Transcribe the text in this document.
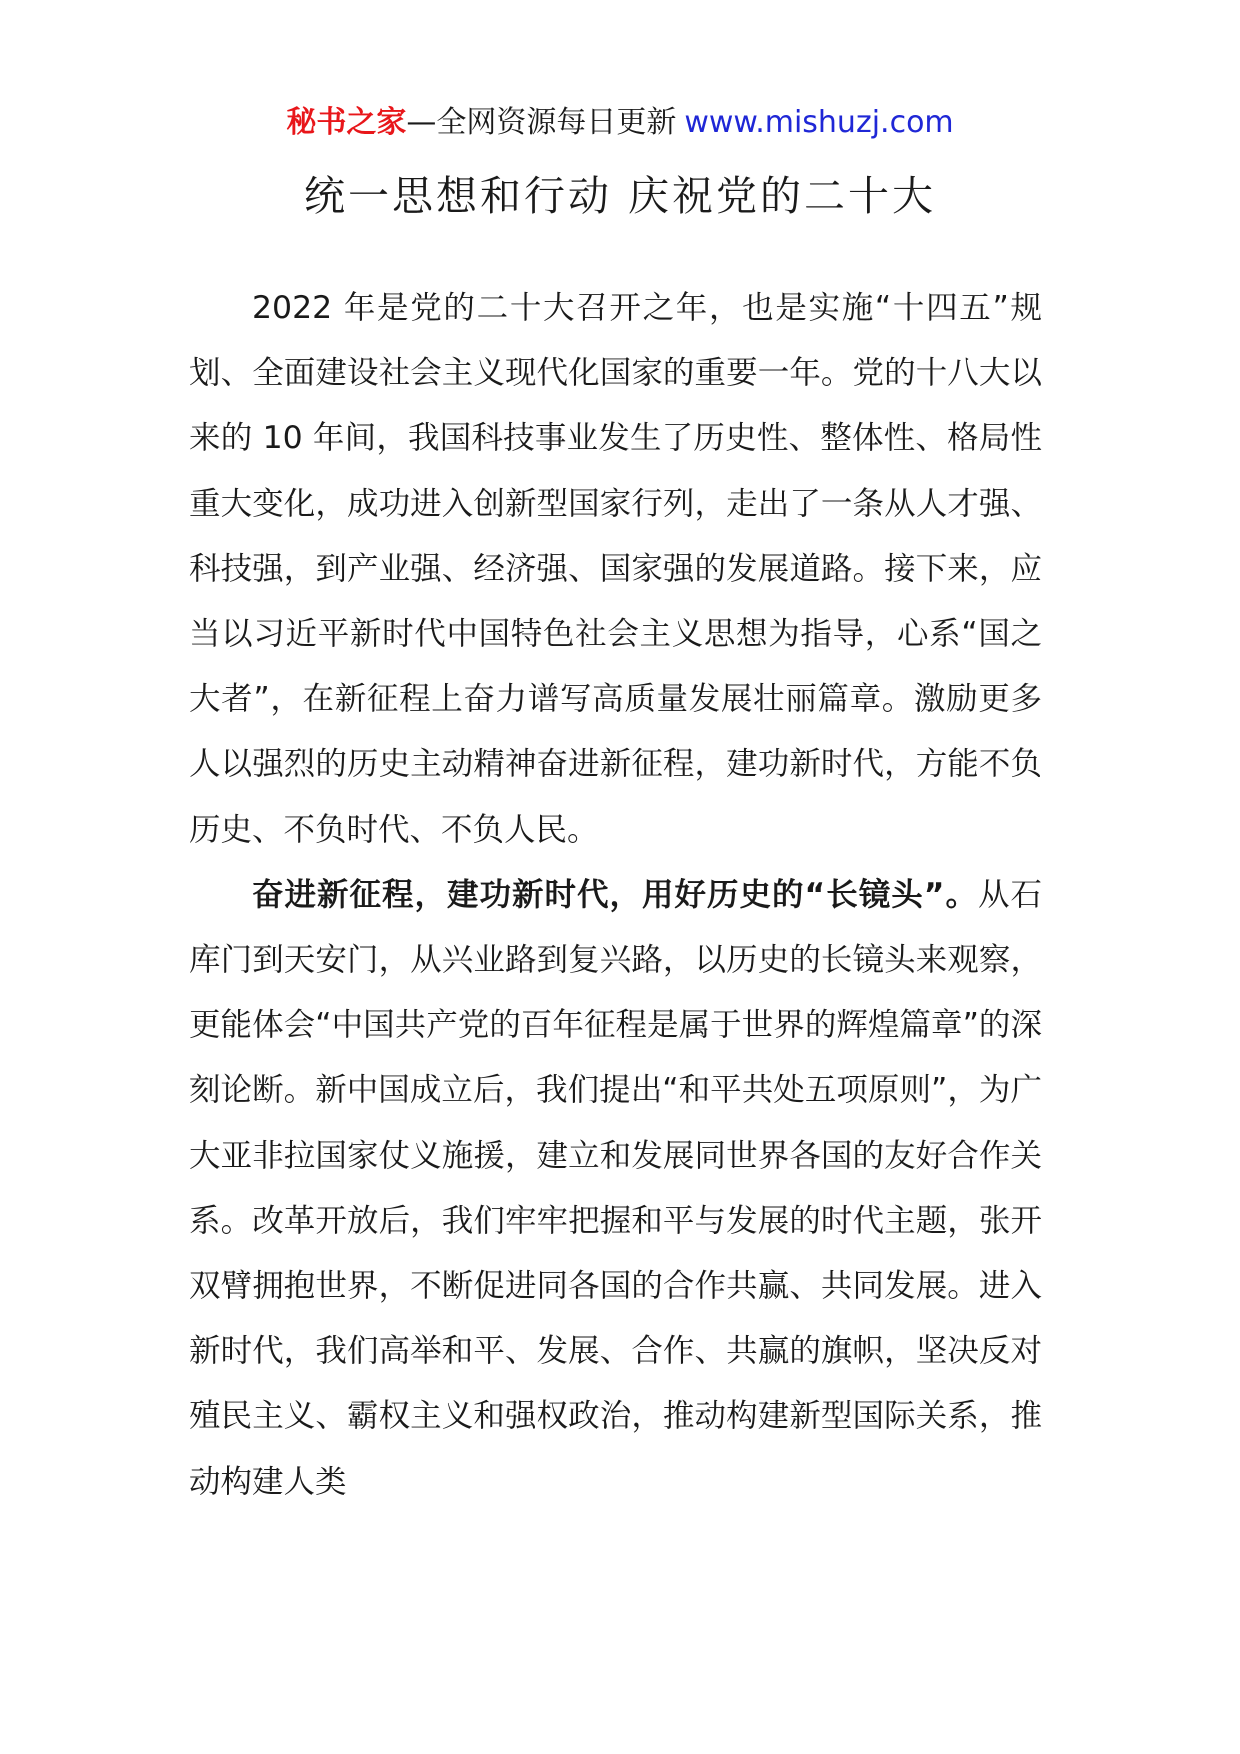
秘书之家—全网资源每日更新 www.mishuzj.com
统一思想和行动 庆祝党的二十大

2022 年是党的二十大召开之年，也是实施“十四五”规划、全面建设社会主义现代化国家的重要一年。党的十八大以来的 10 年间，我国科技事业发生了历史性、整体性、格局性重大变化，成功进入创新型国家行列，走出了一条从人才强、科技强，到产业强、经济强、国家强的发展道路。接下来，应当以习近平新时代中国特色社会主义思想为指导，心系“国之大者”，在新征程上奋力谱写高质量发展壮丽篇章。激励更多人以强烈的历史主动精神奋进新征程，建功新时代，方能不负历史、不负时代、不负人民。

奋进新征程，建功新时代，用好历史的“长镜头”。从石库门到天安门，从兴业路到复兴路，以历史的长镜头来观察，更能体会“中国共产党的百年征程是属于世界的辉煌篇章”的深刻论断。新中国成立后，我们提出“和平共处五项原则”，为广大亚非拉国家仗义施援，建立和发展同世界各国的友好合作关系。改革开放后，我们牢牢把握和平与发展的时代主题，张开双臂拥抱世界，不断促进同各国的合作共赢、共同发展。进入新时代，我们高举和平、发展、合作、共赢的旗帜，坚决反对殖民主义、霸权主义和强权政治，推动构建新型国际关系，推动构建人类
